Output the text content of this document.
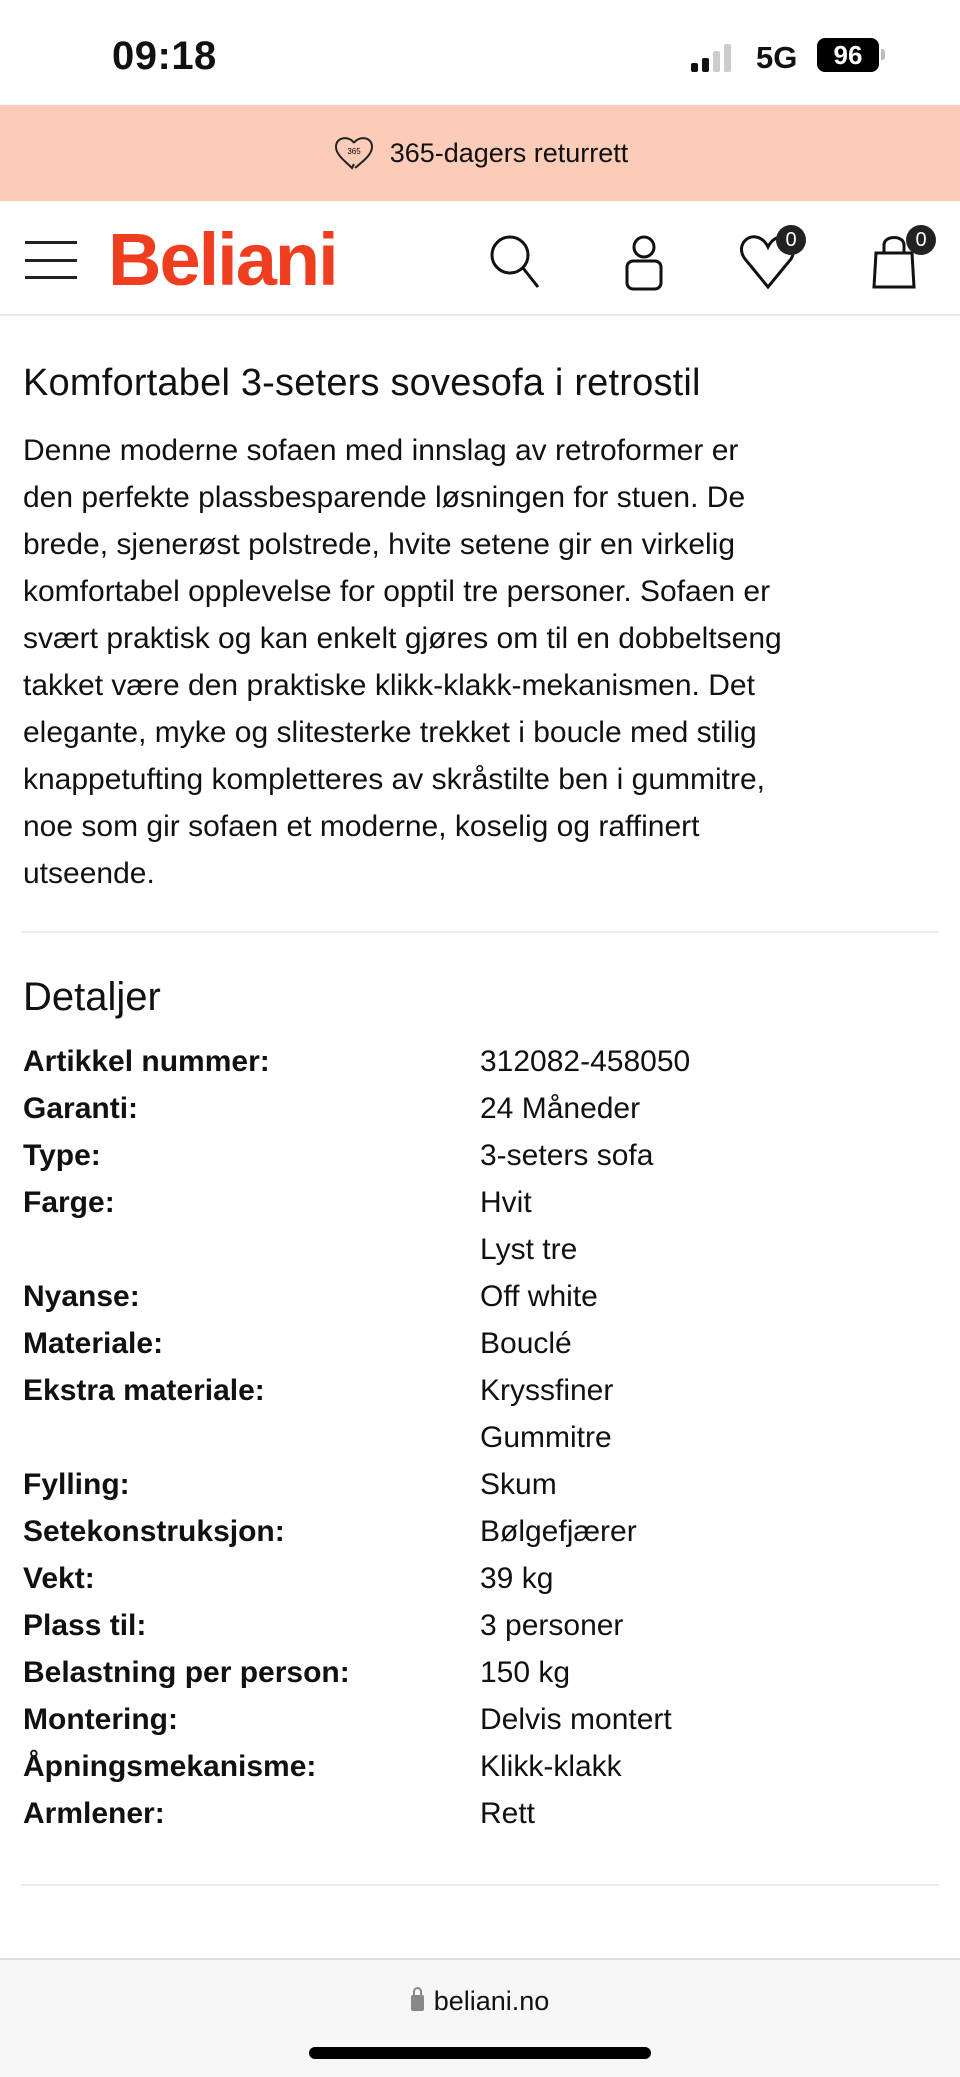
09:18	5G	96
365 365-dagers returrett
Beliani	0	0
Komfortabel 3-seters sovesofa i retrostil
Denne moderne sofaen med innslag av retroformer er
den perfekte plassbesparende løsningen for stuen. De
brede, sjenerøst polstrede, hvite setene gir en virkelig
komfortabel opplevelse for opptil tre personer. Sofaen er
svært praktisk og kan enkelt gjøres om til en dobbeltseng
takket være den praktiske klikk-klakk-mekanismen. Det
elegante, myke og slitesterke trekket i boucle med stilig
knappetufting kompletteres av skråstilte ben i gummitre,
noe som gir sofaen et moderne, koselig og raffinert
utseende.
Detaljer
Artikkel nummer:	312082-458050
Garanti:	24 Måneder
Type:	3-seters sofa
Farge:	Hvit
Lyst tre
Nyanse:	Off white
Materiale:	Bouclé
Ekstra materiale:	Kryssfiner
Gummitre
Fylling:	Skum
Setekonstruksjon:	Bølgefjærer
Vekt:	39 kg
Plass til:	3 personer
Belastning per person:	150 kg
Montering:	Delvis montert
Åpningsmekanisme:	Klikk-klakk
Armlener:	Rett
beliani.no
